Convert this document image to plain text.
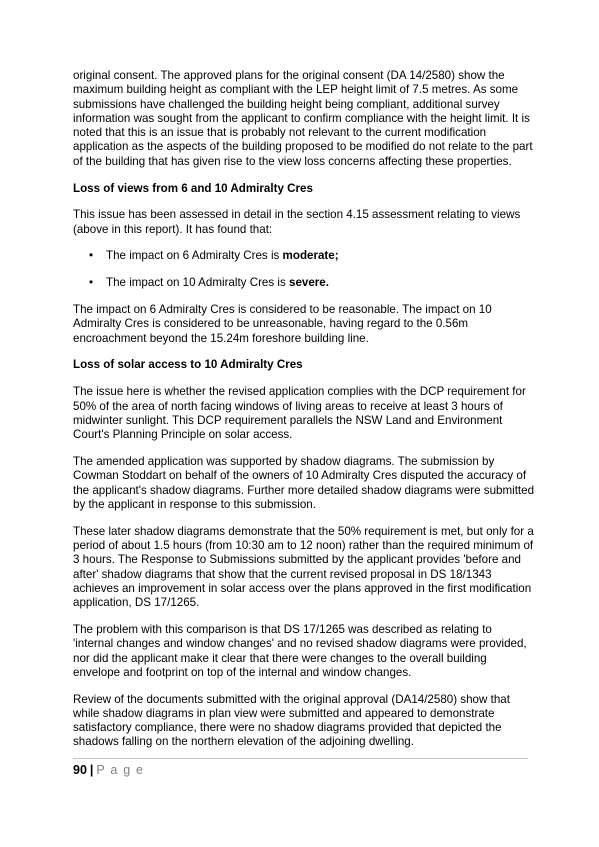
original consent. The approved plans for the original consent (DA 14/2580) show the maximum building height as compliant with the LEP height limit of 7.5 metres. As some submissions have challenged the building height being compliant, additional survey information was sought from the applicant to confirm compliance with the height limit. It is noted that this is an issue that is probably not relevant to the current modification application as the aspects of the building proposed to be modified do not relate to the part of the building that has given rise to the view loss concerns affecting these properties.

Loss of views from 6 and 10 Admiralty Cres

This issue has been assessed in detail in the section 4.15 assessment relating to views (above in this report). It has found that:

• The impact on 6 Admiralty Cres is moderate;
• The impact on 10 Admiralty Cres is severe.

The impact on 6 Admiralty Cres is considered to be reasonable. The impact on 10 Admiralty Cres is considered to be unreasonable, having regard to the 0.56m encroachment beyond the 15.24m foreshore building line.

Loss of solar access to 10 Admiralty Cres

The issue here is whether the revised application complies with the DCP requirement for 50% of the area of north facing windows of living areas to receive at least 3 hours of midwinter sunlight. This DCP requirement parallels the NSW Land and Environment Court's Planning Principle on solar access.

The amended application was supported by shadow diagrams. The submission by Cowman Stoddart on behalf of the owners of 10 Admiralty Cres disputed the accuracy of the applicant's shadow diagrams. Further more detailed shadow diagrams were submitted by the applicant in response to this submission.

These later shadow diagrams demonstrate that the 50% requirement is met, but only for a period of about 1.5 hours (from 10:30 am to 12 noon) rather than the required minimum of 3 hours. The Response to Submissions submitted by the applicant provides 'before and after' shadow diagrams that show that the current revised proposal in DS 18/1343 achieves an improvement in solar access over the plans approved in the first modification application, DS 17/1265.

The problem with this comparison is that DS 17/1265 was described as relating to 'internal changes and window changes' and no revised shadow diagrams were provided, nor did the applicant make it clear that there were changes to the overall building envelope and footprint on top of the internal and window changes.

Review of the documents submitted with the original approval (DA14/2580) show that while shadow diagrams in plan view were submitted and appeared to demonstrate satisfactory compliance, there were no shadow diagrams provided that depicted the shadows falling on the northern elevation of the adjoining dwelling.

90 | P a g e
